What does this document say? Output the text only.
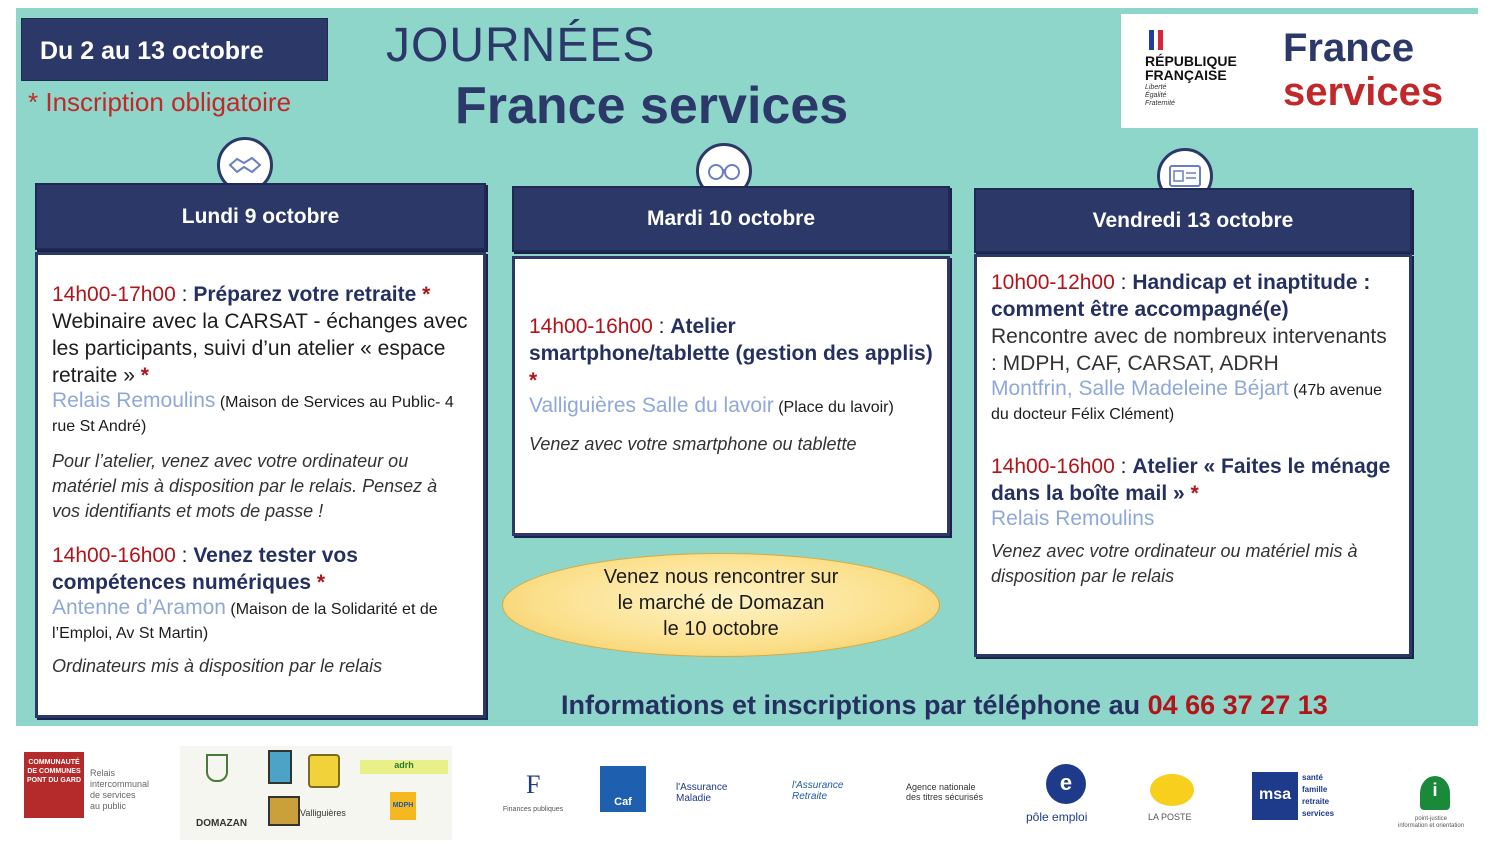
Du 2 au 13 octobre
* Inscription obligatoire
JOURNÉES
France services
RÉPUBLIQUE
FRANÇAISE
Liberté
Égalité
Fraternité
France
services
Lundi 9 octobre	Mardi 10 octobre	Vendredi 13 octobre
14h00-17h00 : Préparez votre retraite *
Webinaire avec la CARSAT - échanges avec les participants, suivi d’un atelier « espace retraite » *
Relais Remoulins (Maison de Services au Public- 4 rue St André)
Pour l’atelier, venez avec votre ordinateur ou matériel mis à disposition par le relais. Pensez à vos identifiants et mots de passe !
14h00-16h00 : Venez tester vos compétences numériques *
Antenne d’Aramon (Maison de la Solidarité et de l’Emploi, Av St Martin)
Ordinateurs mis à disposition par le relais
14h00-16h00 : Atelier smartphone/tablette (gestion des applis) *
Valliguières Salle du lavoir (Place du lavoir)
Venez avec votre smartphone ou tablette
Venez nous rencontrer sur
le marché de Domazan
le 10 octobre
10h00-12h00 : Handicap et inaptitude : comment être accompagné(e)
Rencontre avec de nombreux intervenants : MDPH, CAF, CARSAT, ADRH
Montfrin, Salle Madeleine Béjart (47b avenue du docteur Félix Clément)
14h00-16h00 : Atelier « Faites le ménage dans la boîte mail » *
Relais Remoulins
Venez avec votre ordinateur ou matériel mis à disposition par le relais
Informations et inscriptions par téléphone au 04 66 37 27 13
COMMUNAUTÉ
DE COMMUNES
PONT DU GARD
Relais
intercommunal
de services
au public
adrh
DOMAZAN
Valliguières
MDPH
Finances publiques
F
Caf
l'Assurance
Maladie
l'Assurance
Retraite
Agence nationale
des titres sécurisés
e
pôle emploi	LA POSTE
msa
santé
famille
retraite
services
i
point-justice
information et orientation
